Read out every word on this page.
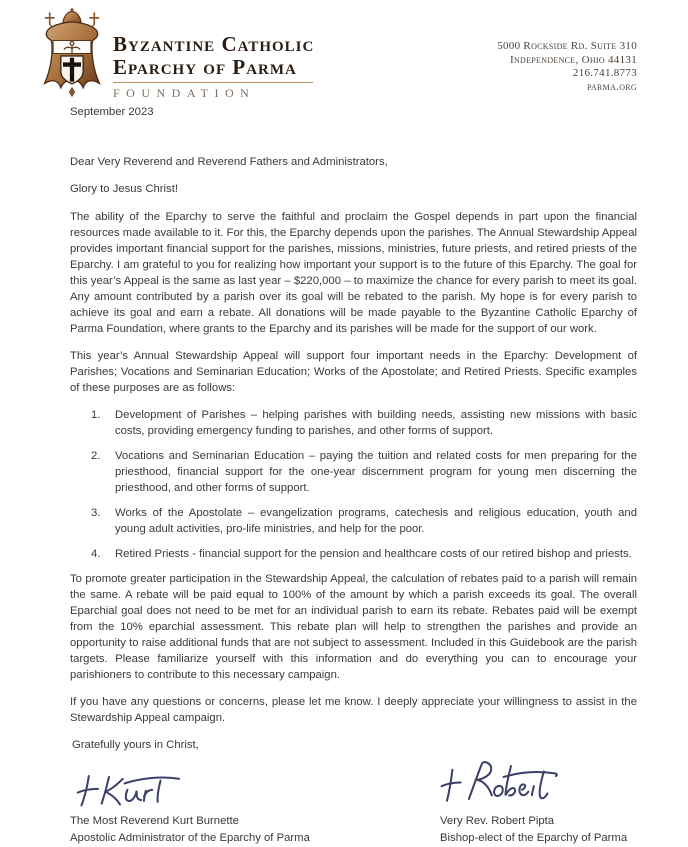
Byzantine Catholic
Eparchy of Parma
FOUNDATION
5000 Rockside Rd. Suite 310
Independence, Ohio 44131
216.741.8773
parma.org
September 2023
Dear Very Reverend and Reverend Fathers and Administrators,
Glory to Jesus Christ!

The ability of the Eparchy to serve the faithful and proclaim the Gospel depends in part upon the financial resources made available to it. For this, the Eparchy depends upon the parishes. The Annual Stewardship Appeal provides important financial support for the parishes, missions, ministries, future priests, and retired priests of the Eparchy. I am grateful to you for realizing how important your support is to the future of this Eparchy. The goal for this year’s Appeal is the same as last year – $220,000 – to maximize the chance for every parish to meet its goal. Any amount contributed by a parish over its goal will be rebated to the parish. My hope is for every parish to achieve its goal and earn a rebate. All donations will be made payable to the Byzantine Catholic Eparchy of Parma Foundation, where grants to the Eparchy and its parishes will be made for the support of our work.

This year’s Annual Stewardship Appeal will support four important needs in the Eparchy: Development of Parishes; Vocations and Seminarian Education; Works of the Apostolate; and Retired Priests. Specific examples of these purposes are as follows:

1. Development of Parishes – helping parishes with building needs, assisting new missions with basic costs, providing emergency funding to parishes, and other forms of support.
2. Vocations and Seminarian Education – paying the tuition and related costs for men preparing for the priesthood, financial support for the one-year discernment program for young men discerning the priesthood, and other forms of support.
3. Works of the Apostolate – evangelization programs, catechesis and religious education, youth and young adult activities, pro-life ministries, and help for the poor.
4. Retired Priests - financial support for the pension and healthcare costs of our retired bishop and priests.

To promote greater participation in the Stewardship Appeal, the calculation of rebates paid to a parish will remain the same. A rebate will be paid equal to 100% of the amount by which a parish exceeds its goal. The overall Eparchial goal does not need to be met for an individual parish to earn its rebate. Rebates paid will be exempt from the 10% eparchial assessment. This rebate plan will help to strengthen the parishes and provide an opportunity to raise additional funds that are not subject to assessment. Included in this Guidebook are the parish targets. Please familiarize yourself with this information and do everything you can to encourage your parishioners to contribute to this necessary campaign.

If you have any questions or concerns, please let me know. I deeply appreciate your willingness to assist in the Stewardship Appeal campaign.

Gratefully yours in Christ,
The Most Reverend Kurt Burnette
Apostolic Administrator of the Eparchy of Parma
Very Rev. Robert Pipta
Bishop-elect of the Eparchy of Parma
